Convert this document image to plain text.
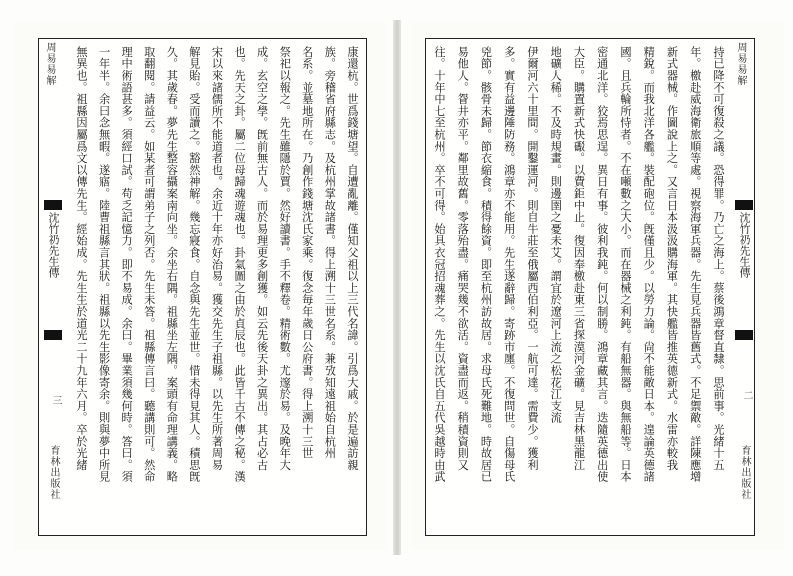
周易易解
沈竹礽先生傳
三
育林出版社
康還杭。世爲錢塘望。自遭亂離。僅知父祖以上三代名諱。引爲大戚。於是遍訪親
族。旁稽省府縣志。及杭州掌故諸書。得上溯十三世名系。兼攷知遠祖始自杭州
名系。並墓地所在。乃創作錢塘沈氏家乘。復念毎年歲日公府書。得上溯十三世
祭祀以報之。先生雖隱於賈。然好讀書。手不釋卷。精術數。尤邃於易。及晚年大
成。玄空之學。旣前無古人。而於易理更多創獲。如云先後天卦之異出。其占必古
也。先天之卦。屬二位母歸魂遊魂也。卦氣圖之由於貞辰也。此皆千古不傳之秘。漢
宋以來諸儒所不能道者也。余近十年亦好治易。獲交先生子祖縣。以先生所著周易
解見貽。受而讀之。豁然神解。幾忘寢食。自念與先生並世。惜未得見其人。積思旣
久。其歲春。夢先生整容攝案南向坐。余坐右隅。祖縣坐左隅。案頭有命理講義。略
取翻閱。請益云。如某者可謂弟子之列否。先生未答。祖縣傳言曰。聽講則可。然命
理中術語甚多。須經口試。苟乏記憶力。即不易成。余曰。畢業須幾何時。答曰。須
一年半。余曰念無暇。遂寤。陸曹祖縣言其狀。祖縣以先生影像寄余。則與夢中所見
無異也。祖縣因屬爲文以傳先生。經始成。先生生於道光二十九年六月。卒於光緒	持已降不可復殺之議。恐得罪。乃亡之海上。蔡後鴻章督直隸。思前事。光緒十五
年。檄赴威海衛旅順等處。視察海軍兵器。先生見兵器皆舊式。不足禦敵。詳陳應增
新式器械。作圖說上之。又言日本汲汲購海軍。其快艦皆推英德新式。水雷亦較我
精銳。而我北洋各艦。裝配砲位。旣僅且少。以勞力論。尙不能敵日本。遑論英德諸
國。且兵輪所恃者。不在噸數之大小。而在器械之利鈍。有船無器。與無船等。日本
密通北洋。狡焉思逞。異日有事。彼利我鈍。何以制勝。鴻章藏其言。迭隨英德出使
大臣。購置新式快礟。以費鉅中止。復因奉檄赴東三省探漠河金礦。見吉林黑龍江
地礦人稀。不及時規畫。則邊圉之憂未艾。謂宜於遼河上流之松花江支流
伊爾河六十里間。開鑿運河。則自牛莊至俄屬西伯利亞。一航可達。需費少。獲利
多。實有益邊陲防務。鴻章亦不能用。先生遂辭歸。寄跡市廛。不復問世。自傷母氏
兇節。骸骨未歸。節衣縮食。積得餘資。即至杭州訪故居。求母氏死難地。時故居已
易他人。眢井亦平。鄰里故舊。零落殆盡。痛哭幾不欲活。資盡而返。稍積資則又
往。十年中七至杭州。卒不可得。始具衣冠招魂葬之。先生以沈氏自五代吳越時由武	周易易解
沈竹礽先生傳
二
育林出版社
